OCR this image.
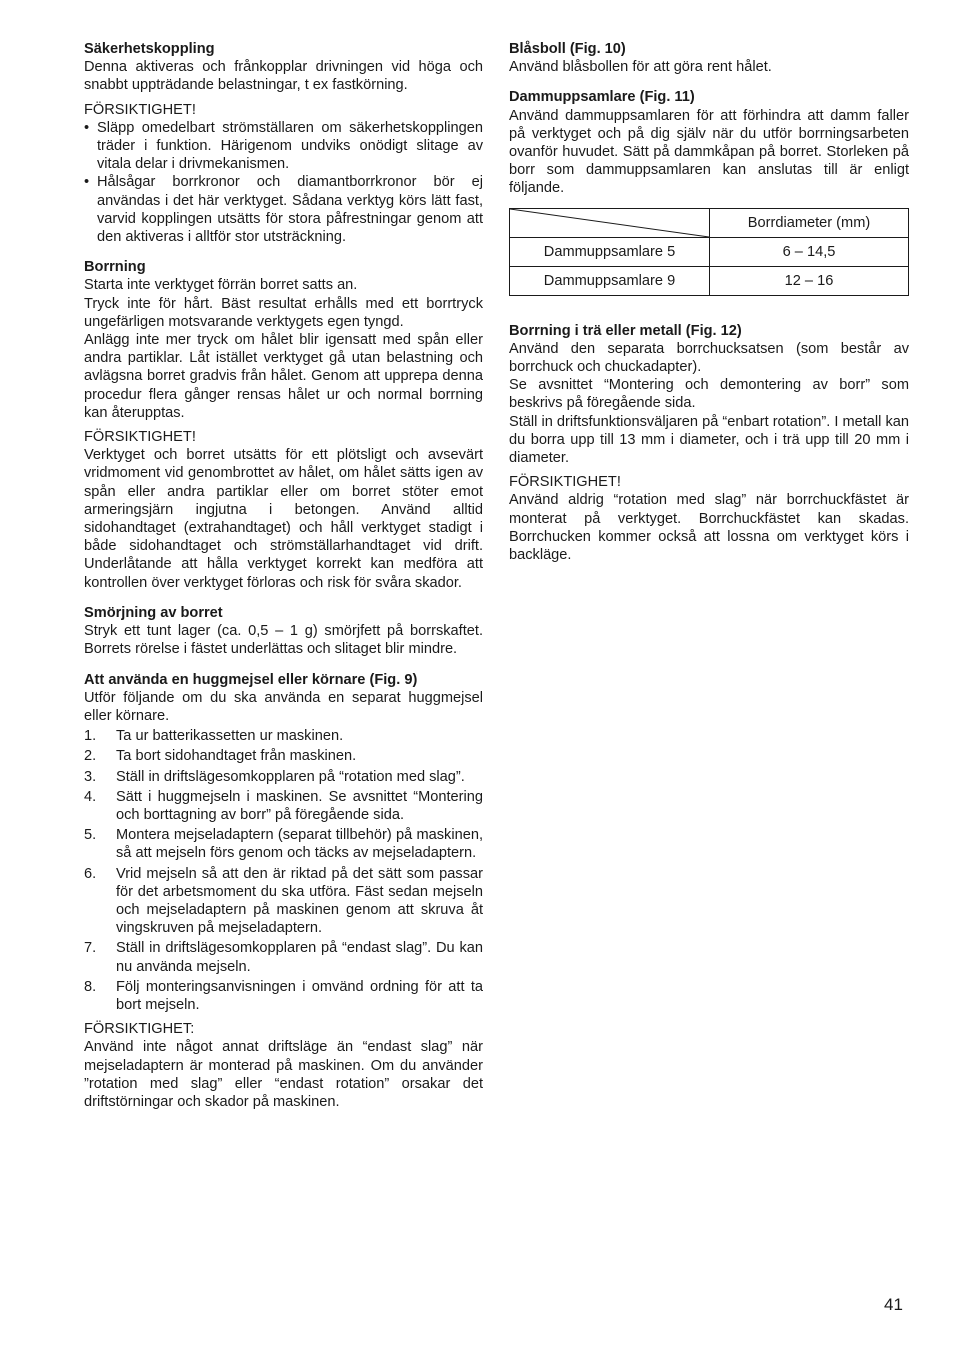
Säkerhetskoppling

Denna aktiveras och frånkopplar drivningen vid höga och snabbt uppträdande belastningar, t ex fastkörning.

FÖRSIKTIGHET!

• Släpp omedelbart strömställaren om säkerhetskopplingen träder i funktion. Härigenom undviks onödigt slitage av vitala delar i drivmekanismen.
• Hålsågar borrkronor och diamantborrkronor bör ej användas i det här verktyget. Sådana verktyg körs lätt fast, varvid kopplingen utsätts för stora påfrestningar genom att den aktiveras i alltför stor utsträckning.
Borrning

Starta inte verktyget förrän borret satts an.

Tryck inte för hårt. Bäst resultat erhålls med ett borrtryck ungefärligen motsvarande verktygets egen tyngd.

Anlägg inte mer tryck om hålet blir igensatt med spån eller andra partiklar. Låt istället verktyget gå utan belastning och avlägsna borret gradvis från hålet. Genom att upprepa denna procedur flera gånger rensas hålet ur och normal borrning kan återupptas.

FÖRSIKTIGHET!

Verktyget och borret utsätts för ett plötsligt och avsevärt vridmoment vid genombrottet av hålet, om hålet sätts igen av spån eller andra partiklar eller om borret stöter emot armeringsjärn ingjutna i betongen. Använd alltid sidohandtaget (extrahandtaget) och håll verktyget stadigt i både sidohandtaget och strömställarhandtaget vid drift. Underlåtande att hålla verktyget korrekt kan medföra att kontrollen över verktyget förloras och risk för svåra skador.

Smörjning av borret

Stryk ett tunt lager (ca. 0,5 – 1 g) smörjfett på borrskaftet. Borrets rörelse i fästet underlättas och slitaget blir mindre.

Att använda en huggmejsel eller körnare (Fig. 9)

Utför följande om du ska använda en separat huggmejsel eller körnare.

1. Ta ur batterikassetten ur maskinen.
2. Ta bort sidohandtaget från maskinen.
3. Ställ in driftslägesomkopplaren på “rotation med slag”.
4. Sätt i huggmejseln i maskinen. Se avsnittet “Montering och borttagning av borr” på föregående sida.
5. Montera mejseladaptern (separat tillbehör) på maskinen, så att mejseln förs genom och täcks av mejseladaptern.
6. Vrid mejseln så att den är riktad på det sätt som passar för det arbetsmoment du ska utföra. Fäst sedan mejseln och mejseladaptern på maskinen genom att skruva åt vingskruven på mejseladaptern.
7. Ställ in driftslägesomkopplaren på “endast slag”. Du kan nu använda mejseln.
8. Följ monteringsanvisningen i omvänd ordning för att ta bort mejseln.

FÖRSIKTIGHET:

Använd inte något annat driftsläge än “endast slag” när mejseladaptern är monterad på maskinen. Om du använder ”rotation med slag” eller “endast rotation” orsakar det driftstörningar och skador på maskinen.

Blåsboll (Fig. 10)

Använd blåsbollen för att göra rent hålet.

Dammuppsamlare (Fig. 11)

Använd dammuppsamlaren för att förhindra att damm faller på verktyget och på dig själv när du utför borrningsarbeten ovanför huvudet. Sätt på dammkåpan på borret. Storleken på borr som dammuppsamlaren kan anslutas till är enligt följande.

	Borrdiameter (mm)
Dammuppsamlare 5	6 – 14,5
Dammuppsamlare 9	12 – 16
Borrning i trä eller metall (Fig. 12)

Använd den separata borrchucksatsen (som består av borrchuck och chuckadapter).

Se avsnittet “Montering och demontering av borr” som beskrivs på föregående sida.

Ställ in driftsfunktionsväljaren på “enbart rotation”. I metall kan du borra upp till 13 mm i diameter, och i trä upp till 20 mm i diameter.

FÖRSIKTIGHET!

Använd aldrig “rotation med slag” när borrchuckfästet är monterat på verktyget. Borrchuckfästet kan skadas. Borrchucken kommer också att lossna om verktyget körs i backläge.

41
